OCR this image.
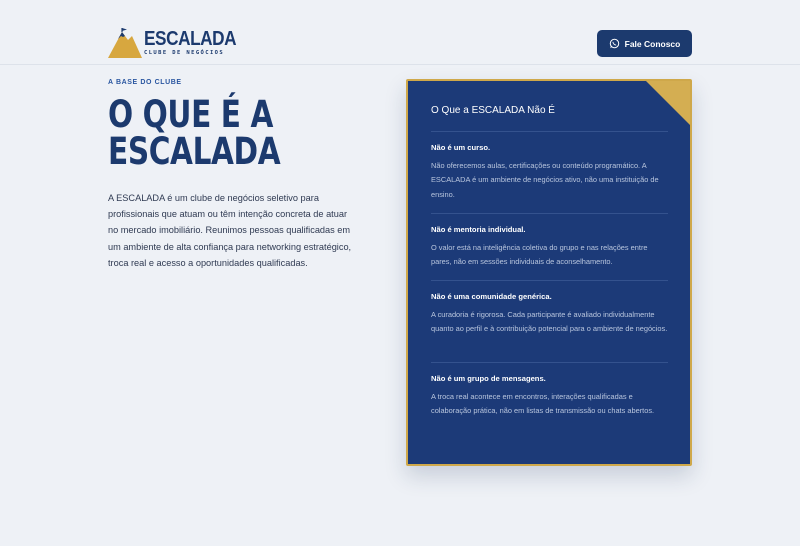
ESCALADA
CLUBE DE NEGÓCIOS
Fale Conosco
A BASE DO CLUBE
O QUE É A
ESCALADA

A ESCALADA é um clube de negócios seletivo para profissionais que atuam ou têm intenção concreta de atuar no mercado imobiliário. Reunimos pessoas qualificadas em um ambiente de alta confiança para networking estratégico, troca real e acesso a oportunidades qualificadas.

O Que a ESCALADA Não É
Não é um curso.
Não oferecemos aulas, certificações ou conteúdo programático. A ESCALADA é um ambiente de negócios ativo, não uma instituição de ensino.
Não é mentoria individual.
O valor está na inteligência coletiva do grupo e nas relações entre pares, não em sessões individuais de aconselhamento.
Não é uma comunidade genérica.
A curadoria é rigorosa. Cada participante é avaliado individualmente quanto ao perfil e à contribuição potencial para o ambiente de negócios.
Não é um grupo de mensagens.
A troca real acontece em encontros, interações qualificadas e colaboração prática, não em listas de transmissão ou chats abertos.
